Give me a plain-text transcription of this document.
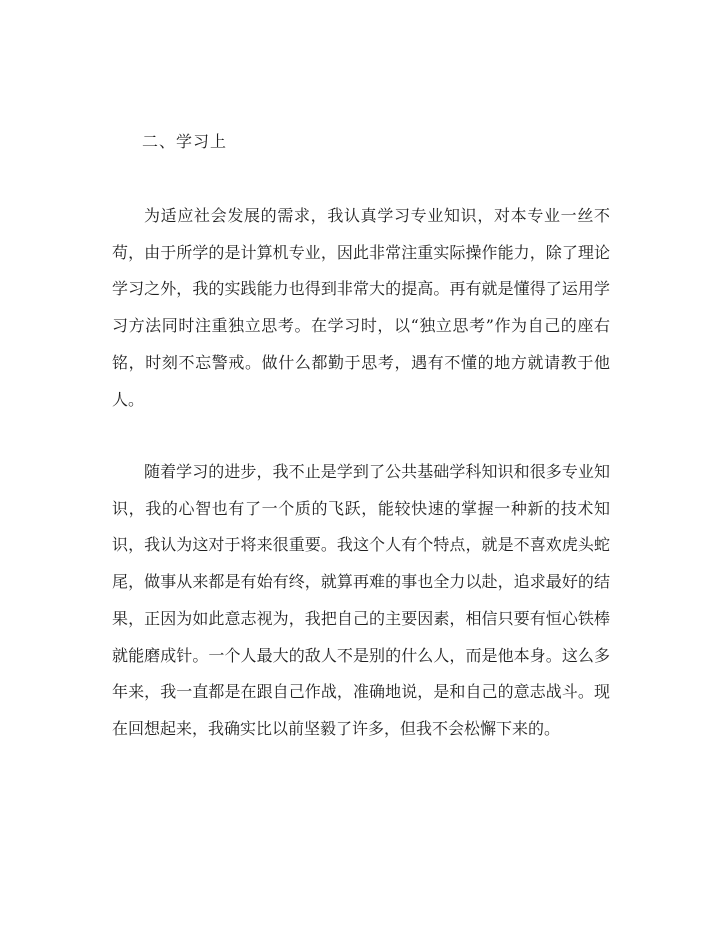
二、学习上

为适应社会发展的需求，我认真学习专业知识，对本专业一丝不苟，由于所学的是计算机专业，因此非常注重实际操作能力，除了理论学习之外，我的实践能力也得到非常大的提高。再有就是懂得了运用学习方法同时注重独立思考。在学习时，以“独立思考”作为自己的座右铭，时刻不忘警戒。做什么都勤于思考，遇有不懂的地方就请教于他人。

随着学习的进步，我不止是学到了公共基础学科知识和很多专业知识，我的心智也有了一个质的飞跃，能较快速的掌握一种新的技术知识，我认为这对于将来很重要。我这个人有个特点，就是不喜欢虎头蛇尾，做事从来都是有始有终，就算再难的事也全力以赴，追求最好的结果，正因为如此意志视为，我把自己的主要因素，相信只要有恒心铁棒就能磨成针。一个人最大的敌人不是别的什么人，而是他本身。这么多年来，我一直都是在跟自己作战，准确地说，是和自己的意志战斗。现在回想起来，我确实比以前坚毅了许多，但我不会松懈下来的。
